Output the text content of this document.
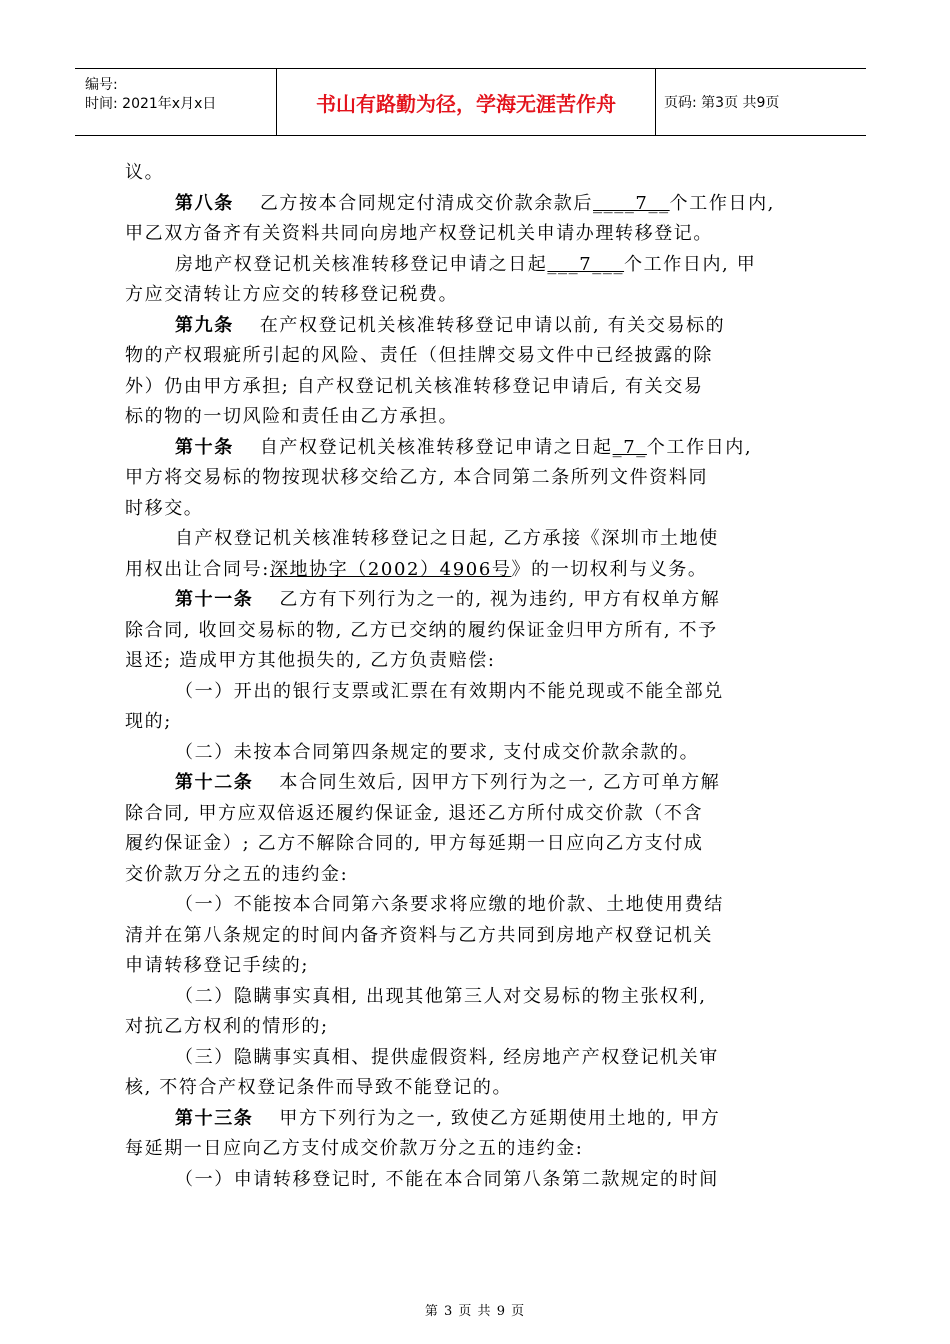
编号:
时间: 2021年x月x日	书山有路勤为径，学海无涯苦作舟	页码: 第3页 共9页

议。

第八条 乙方按本合同规定付清成交价款余款后____7__个工作日内,

甲乙双方备齐有关资料共同向房地产权登记机关申请办理转移登记。

房地产权登记机关核准转移登记申请之日起___7___个工作日内, 甲

方应交清转让方应交的转移登记税费。

第九条 在产权登记机关核准转移登记申请以前, 有关交易标的

物的产权瑕疵所引起的风险、责任（但挂牌交易文件中已经披露的除

外）仍由甲方承担; 自产权登记机关核准转移登记申请后, 有关交易

标的物的一切风险和责任由乙方承担。

第十条 自产权登记机关核准转移登记申请之日起_7_个工作日内,

甲方将交易标的物按现状移交给乙方, 本合同第二条所列文件资料同

时移交。

自产权登记机关核准转移登记之日起, 乙方承接《深圳市土地使

用权出让合同号:深地协字（2002）4906号》的一切权利与义务。

第十一条 乙方有下列行为之一的, 视为违约, 甲方有权单方解

除合同, 收回交易标的物, 乙方已交纳的履约保证金归甲方所有, 不予

退还; 造成甲方其他损失的, 乙方负责赔偿:

（一）开出的银行支票或汇票在有效期内不能兑现或不能全部兑

现的;

（二）未按本合同第四条规定的要求, 支付成交价款余款的。

第十二条 本合同生效后, 因甲方下列行为之一, 乙方可单方解

除合同, 甲方应双倍返还履约保证金, 退还乙方所付成交价款（不含

履约保证金）; 乙方不解除合同的, 甲方每延期一日应向乙方支付成

交价款万分之五的违约金:

（一）不能按本合同第六条要求将应缴的地价款、土地使用费结

清并在第八条规定的时间内备齐资料与乙方共同到房地产权登记机关

申请转移登记手续的;

（二）隐瞒事实真相, 出现其他第三人对交易标的物主张权利,

对抗乙方权利的情形的;

（三）隐瞒事实真相、提供虚假资料, 经房地产产权登记机关审

核, 不符合产权登记条件而导致不能登记的。

第十三条 甲方下列行为之一, 致使乙方延期使用土地的, 甲方

每延期一日应向乙方支付成交价款万分之五的违约金:

（一）申请转移登记时, 不能在本合同第八条第二款规定的时间

第 3 页 共 9 页
